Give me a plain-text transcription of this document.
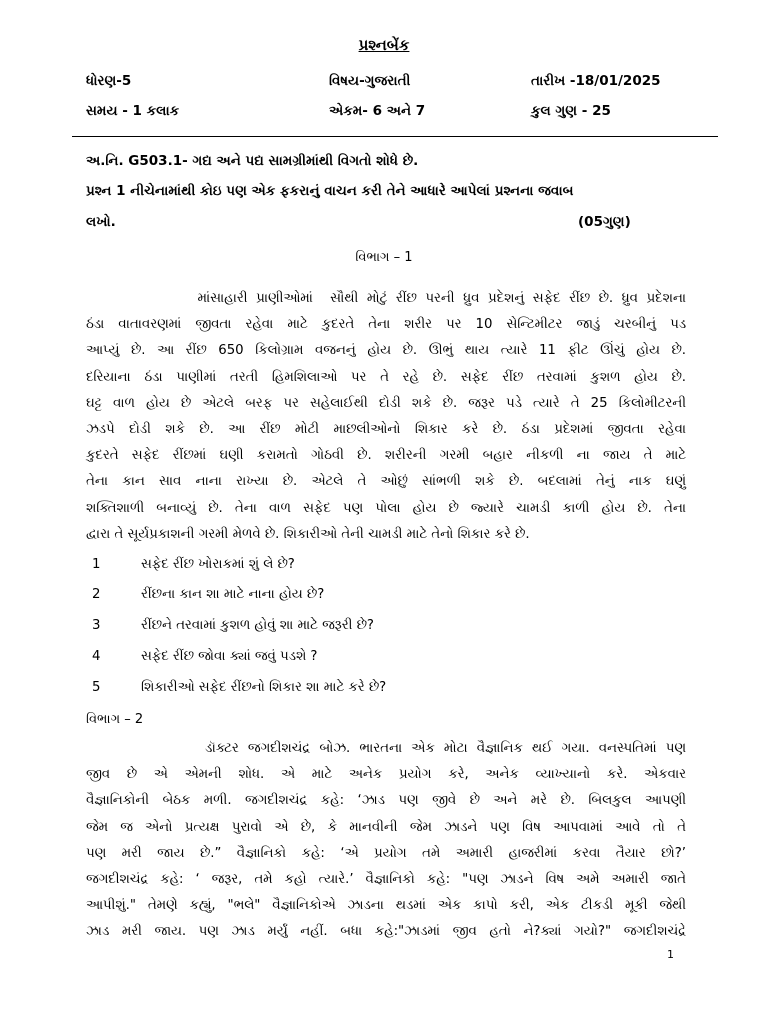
પ્રશ્નબેંક
ધોરણ-5	વિષય-ગુજરાતી	તારીખ -18/01/2025
સમય - 1 કલાક	એકમ- 6 અને 7	કુલ ગુણ - 25
અ.નિ. G503.1- ગદ્ય અને પદ્ય સામગ્રીમાંથી વિગતો શોધે છે.
પ્રશ્ન 1 નીચેનામાંથી કોઇ પણ એક ફકરાનું વાચન કરી તેને આધારે આપેલાં પ્રશ્નના જવાબ
લખો.	(05ગુણ)
વિભાગ – 1
માંસાહારી પ્રાણીઓમાં  સૌથી મોટું રીંછ પરની ધ્રુવ પ્રદેશનું સફેદ રીંછ છે. ધ્રુવ પ્રદેશના
ઠંડા વાતાવરણમાં જીવતા રહેવા માટે કુદરતે તેના શરીર પર 10 સેન્ટિમીટર જાડું ચરબીનું પડ
આપ્યું છે. આ રીંછ 650 કિલોગ્રામ વજનનું હોય છે. ઊભું થાય ત્યારે 11 ફીટ ઊંચું હોય છે.
દરિયાના ઠંડા પાણીમાં તરતી હિમશિલાઓ પર તે રહે છે. સફેદ રીંછ તરવામાં કુશળ હોય છે.
ઘટ્ટ વાળ હોય છે એટલે બરફ પર સહેલાઈથી દોડી શકે છે. જરૂર પડે ત્યારે તે 25 કિલોમીટરની
ઝડપે દોડી શકે છે. આ રીંછ મોટી માછલીઓનો શિકાર કરે છે. ઠંડા પ્રદેશમાં જીવતા રહેવા
કુદરતે સફેદ રીંછમાં ઘણી કરામતો ગોઠવી છે. શરીરની ગરમી બહાર નીકળી ના જાય તે માટે
તેના કાન સાવ નાના રાખ્યા છે. એટલે તે ઓછું સાંભળી શકે છે. બદલામાં તેનું નાક ઘણું
શક્તિશાળી બનાવ્યું છે. તેના વાળ સફેદ પણ પોલા હોય છે જ્યારે ચામડી કાળી હોય છે. તેના
દ્વારા તે સૂર્યપ્રકાશની ગરમી મેળવે છે. શિકારીઓ તેની ચામડી માટે તેનો શિકાર કરે છે.
1	સફેદ રીંછ ખોરાકમાં શું લે છે?
2	રીંછના કાન શા માટે નાના હોય છે?
3	રીંછને તરવામાં કુશળ હોવું શા માટે જરૂરી છે?
4	સફેદ રીંછ જોવા ક્યાં જવું પડશે ?
5	શિકારીઓ સફેદ રીંછનો શિકાર શા માટે કરે છે?
વિભાગ – 2
ડૉક્ટર જગદીશચંદ્ર બોઝ. ભારતના એક મોટા વૈજ્ઞાનિક થઈ ગયા. વનસ્પતિમાં પણ
જીવ છે એ એમની શોધ. એ માટે અનેક પ્રયોગ કરે, અનેક વ્યાખ્યાનો કરે. એકવાર
વૈજ્ઞાનિકોની બેઠક મળી. જગદીશચંદ્ર કહે: ‘ઝાડ પણ જીવે છે અને મરે છે. બિલકુલ આપણી
જેમ જ એનો પ્રત્યક્ષ પુરાવો એ છે, કે માનવીની જેમ ઝાડને પણ વિષ આપવામાં આવે તો તે
પણ મરી જાય છે.” વૈજ્ઞાનિકો કહે: ‘એ પ્રયોગ તમે અમારી હાજરીમાં કરવા તૈયાર છો?’
જગદીશચંદ્ર કહે: ‘ જરૂર, તમે કહો ત્યારે.’ વૈજ્ઞાનિકો કહે: "પણ ઝાડને વિષ અમે અમારી જાતે
આપીશું." તેમણે કહ્યું, "ભલે" વૈજ્ઞાનિકોએ ઝાડના થડમાં એક કાપો કરી, એક ટીકડી મૂકી જેથી
ઝાડ મરી જાય. પણ ઝાડ મર્યું નહીં. બધા કહે:"ઝાડમાં જીવ હતો ને?ક્યાં ગયો?" જગદીશચંદ્રે
1
